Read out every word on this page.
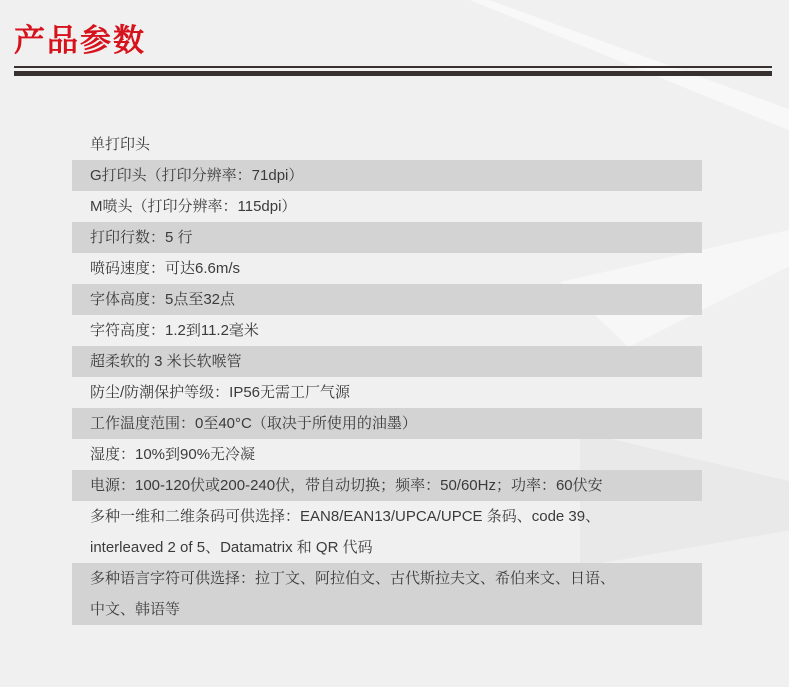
产品参数
单打印头
G打印头（打印分辨率：71dpi）
M喷头（打印分辨率：115dpi）
打印行数：5 行
喷码速度：可达6.6m/s
字体高度：5点至32点
字符高度：1.2到11.2毫米
超柔软的 3 米长软喉管
防尘/防潮保护等级：IP56无需工厂气源
工作温度范围：0至40°C（取决于所使用的油墨）
湿度：10%到90%无冷凝
电源：100-120伏或200-240伏，带自动切换；频率：50/60Hz；功率：60伏安
多种一维和二维条码可供选择：EAN8/EAN13/UPCA/UPCE 条码、code 39、
interleaved 2 of 5、Datamatrix 和 QR 代码
多种语言字符可供选择：拉丁文、阿拉伯文、古代斯拉夫文、希伯来文、日语、
中文、韩语等
